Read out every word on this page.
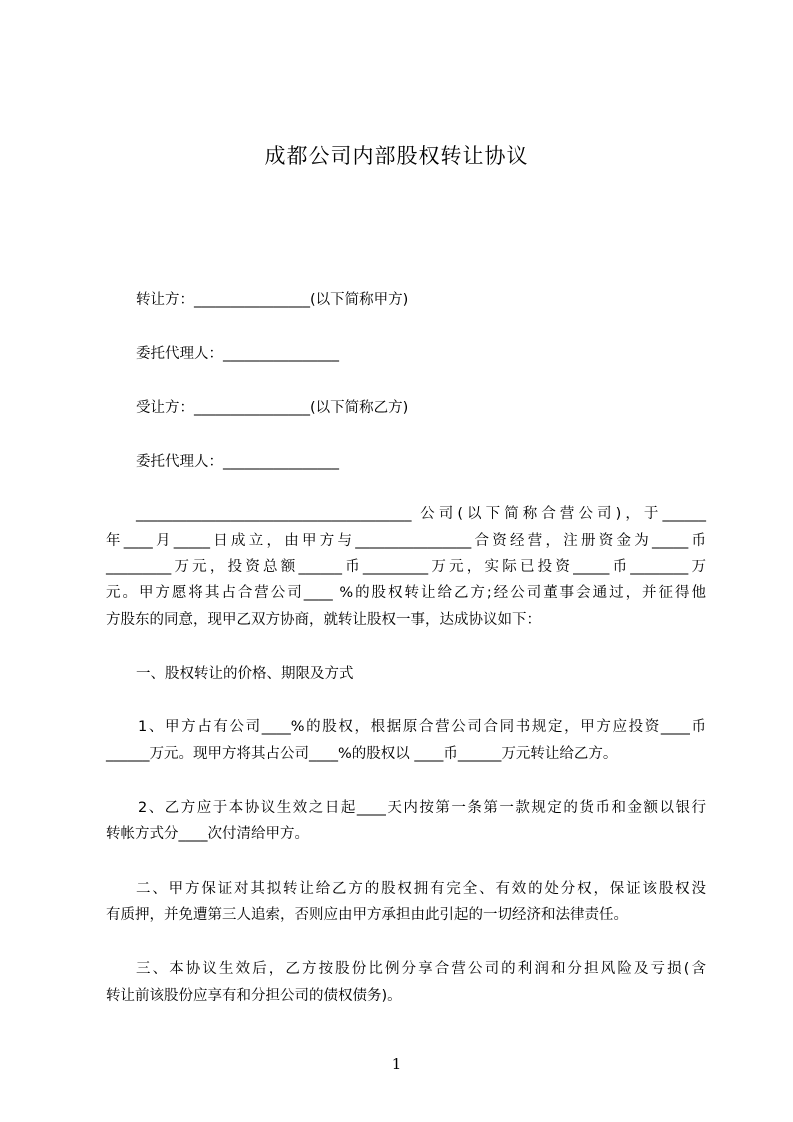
成都公司内部股权转让协议
转让方：________________(以下简称甲方)
委托代理人：________________
受让方：________________(以下简称乙方)
委托代理人：________________
______________________________________ 公司(以下简称合营公司)，于______
年____月_____日成立，由甲方与________________合资经营，注册资金为_____币
_________万元，投资总额______币_________万元，实际已投资_____币________万
元。甲方愿将其占合营公司____ %的股权转让给乙方;经公司董事会通过，并征得他
方股东的同意，现甲乙双方协商，就转让股权一事，达成协议如下：
一、股权转让的价格、期限及方式
1、甲方占有公司____%的股权，根据原合营公司合同书规定，甲方应投资____币
______万元。现甲方将其占公司____%的股权以 ____币______万元转让给乙方。
2、乙方应于本协议生效之日起____天内按第一条第一款规定的货币和金额以银行
转帐方式分____次付清给甲方。
二、甲方保证对其拟转让给乙方的股权拥有完全、有效的处分权，保证该股权没
有质押，并免遭第三人追索，否则应由甲方承担由此引起的一切经济和法律责任。
三、本协议生效后，乙方按股份比例分享合营公司的利润和分担风险及亏损(含
转让前该股份应享有和分担公司的债权债务)。
1
